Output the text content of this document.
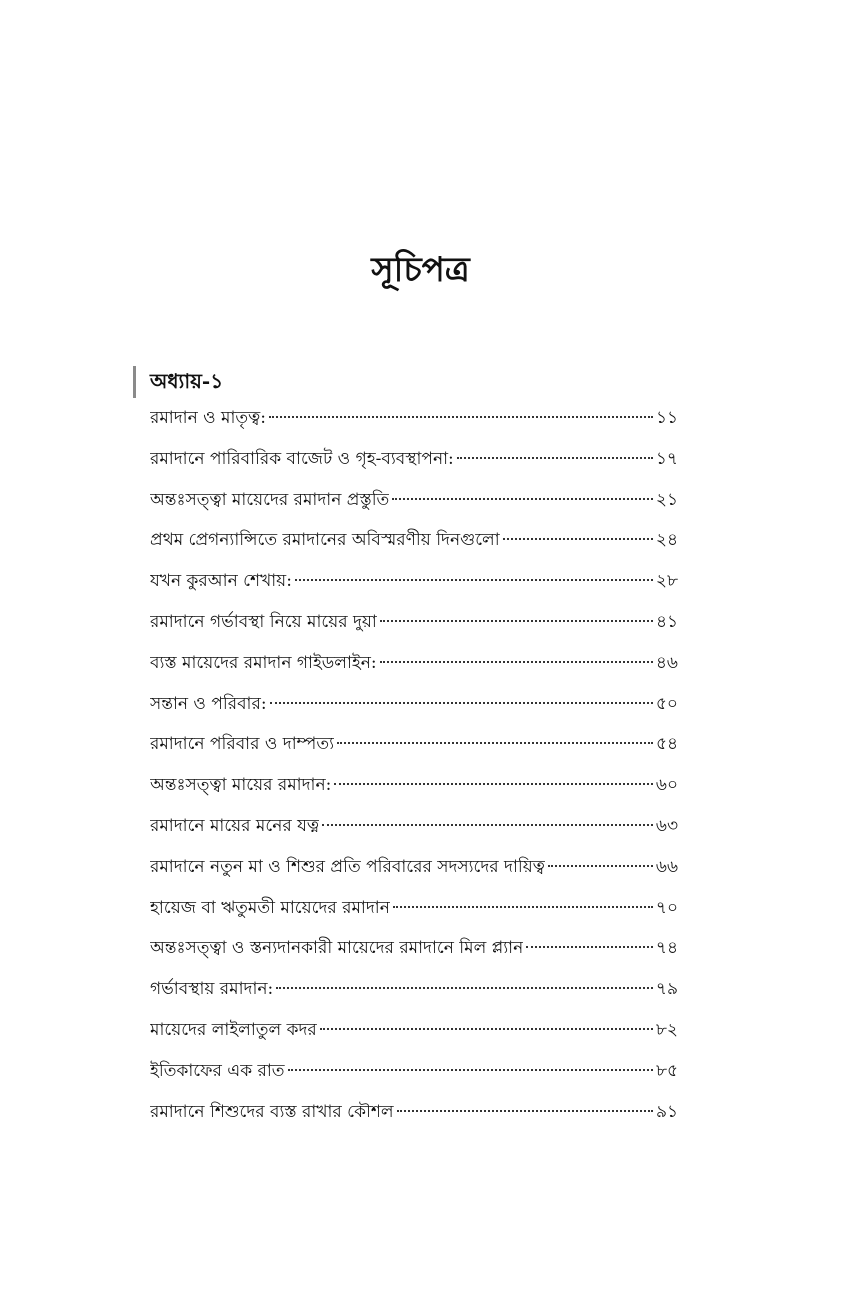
সূচিপত্র
অধ্যায়-১
রমাদান ও মাতৃত্ব:	১১
রমাদানে পারিবারিক বাজেট ও গৃহ-ব্যবস্থাপনা:	১৭
অন্তঃসত্ত্বা মায়েদের রমাদান প্রস্তুতি	২১
প্রথম প্রেগন্যান্সিতে রমাদানের অবিস্মরণীয় দিনগুলো	২৪
যখন কুরআন শেখায়:	২৮
রমাদানে গর্ভাবস্থা নিয়ে মায়ের দুয়া	৪১
ব্যস্ত মায়েদের রমাদান গাইডলাইন:	৪৬
সন্তান ও পরিবার:	৫০
রমাদানে পরিবার ও দাম্পত্য	৫৪
অন্তঃসত্ত্বা মায়ের রমাদান:	৬০
রমাদানে মায়ের মনের যত্ন	৬৩
রমাদানে নতুন মা ও শিশুর প্রতি পরিবারের সদস্যদের দায়িত্ব	৬৬
হায়েজ বা ঋতুমতী মায়েদের রমাদান	৭০
অন্তঃসত্ত্বা ও স্তন্যদানকারী মায়েদের রমাদানে মিল প্ল্যান	৭৪
গর্ভাবস্থায় রমাদান:	৭৯
মায়েদের লাইলাতুল কদর	৮২
ইতিকাফের এক রাত	৮৫
রমাদানে শিশুদের ব্যস্ত রাখার কৌশল	৯১
